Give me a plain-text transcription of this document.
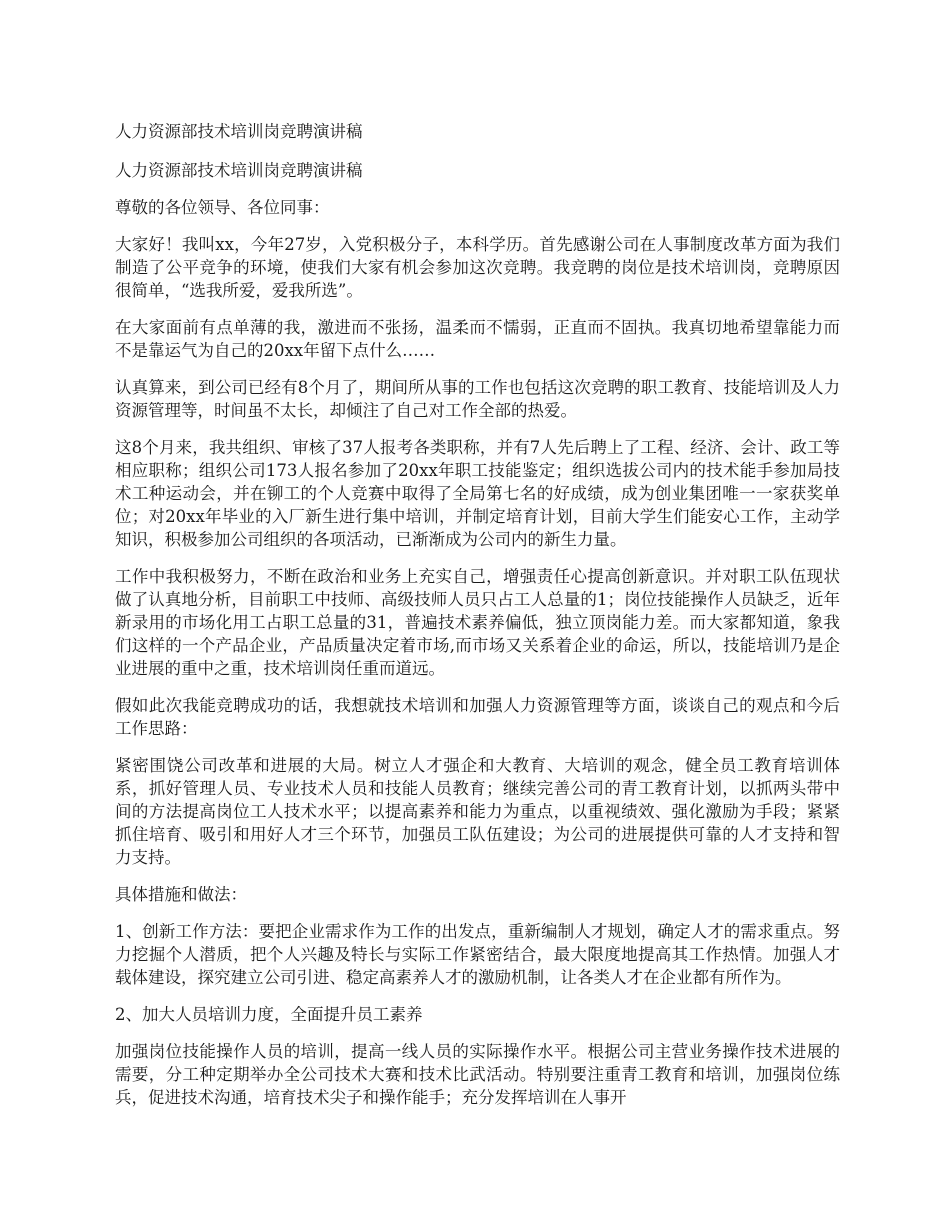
人力资源部技术培训岗竞聘演讲稿

人力资源部技术培训岗竞聘演讲稿

尊敬的各位领导、各位同事：

大家好！我叫xx，今年27岁，入党积极分子，本科学历。首先感谢公司在人事制度改革方面为我们制造了公平竞争的环境，使我们大家有机会参加这次竞聘。我竞聘的岗位是技术培训岗，竞聘原因很简单，“选我所爱，爱我所选”。

在大家面前有点单薄的我，激进而不张扬，温柔而不懦弱，正直而不固执。我真切地希望靠能力而不是靠运气为自己的20xx年留下点什么……

认真算来，到公司已经有8个月了，期间所从事的工作也包括这次竞聘的职工教育、技能培训及人力资源管理等，时间虽不太长，却倾注了自己对工作全部的热爱。

这8个月来，我共组织、审核了37人报考各类职称，并有7人先后聘上了工程、经济、会计、政工等相应职称；组织公司173人报名参加了20xx年职工技能鉴定；组织选拔公司内的技术能手参加局技术工种运动会，并在铆工的个人竞赛中取得了全局第七名的好成绩，成为创业集团唯一一家获奖单位；对20xx年毕业的入厂新生进行集中培训，并制定培育计划，目前大学生们能安心工作，主动学知识，积极参加公司组织的各项活动，已渐渐成为公司内的新生力量。

工作中我积极努力，不断在政治和业务上充实自己，增强责任心提高创新意识。并对职工队伍现状做了认真地分析，目前职工中技师、高级技师人员只占工人总量的1；岗位技能操作人员缺乏，近年新录用的市场化用工占职工总量的31，普遍技术素养偏低，独立顶岗能力差。而大家都知道，象我们这样的一个产品企业，产品质量决定着市场,而市场又关系着企业的命运，所以，技能培训乃是企业进展的重中之重，技术培训岗任重而道远。

假如此次我能竞聘成功的话，我想就技术培训和加强人力资源管理等方面，谈谈自己的观点和今后工作思路：

紧密围饶公司改革和进展的大局。树立人才强企和大教育、大培训的观念，健全员工教育培训体系，抓好管理人员、专业技术人员和技能人员教育；继续完善公司的青工教育计划，以抓两头带中间的方法提高岗位工人技术水平；以提高素养和能力为重点，以重视绩效、强化激励为手段；紧紧抓住培育、吸引和用好人才三个环节，加强员工队伍建设；为公司的进展提供可靠的人才支持和智力支持。

具体措施和做法：

1、创新工作方法：要把企业需求作为工作的出发点，重新编制人才规划，确定人才的需求重点。努力挖掘个人潜质，把个人兴趣及特长与实际工作紧密结合，最大限度地提高其工作热情。加强人才载体建设，探究建立公司引进、稳定高素养人才的激励机制，让各类人才在企业都有所作为。

2、加大人员培训力度，全面提升员工素养

加强岗位技能操作人员的培训，提高一线人员的实际操作水平。根据公司主营业务操作技术进展的需要，分工种定期举办全公司技术大赛和技术比武活动。特别要注重青工教育和培训，加强岗位练兵，促进技术沟通，培育技术尖子和操作能手；充分发挥培训在人事开
